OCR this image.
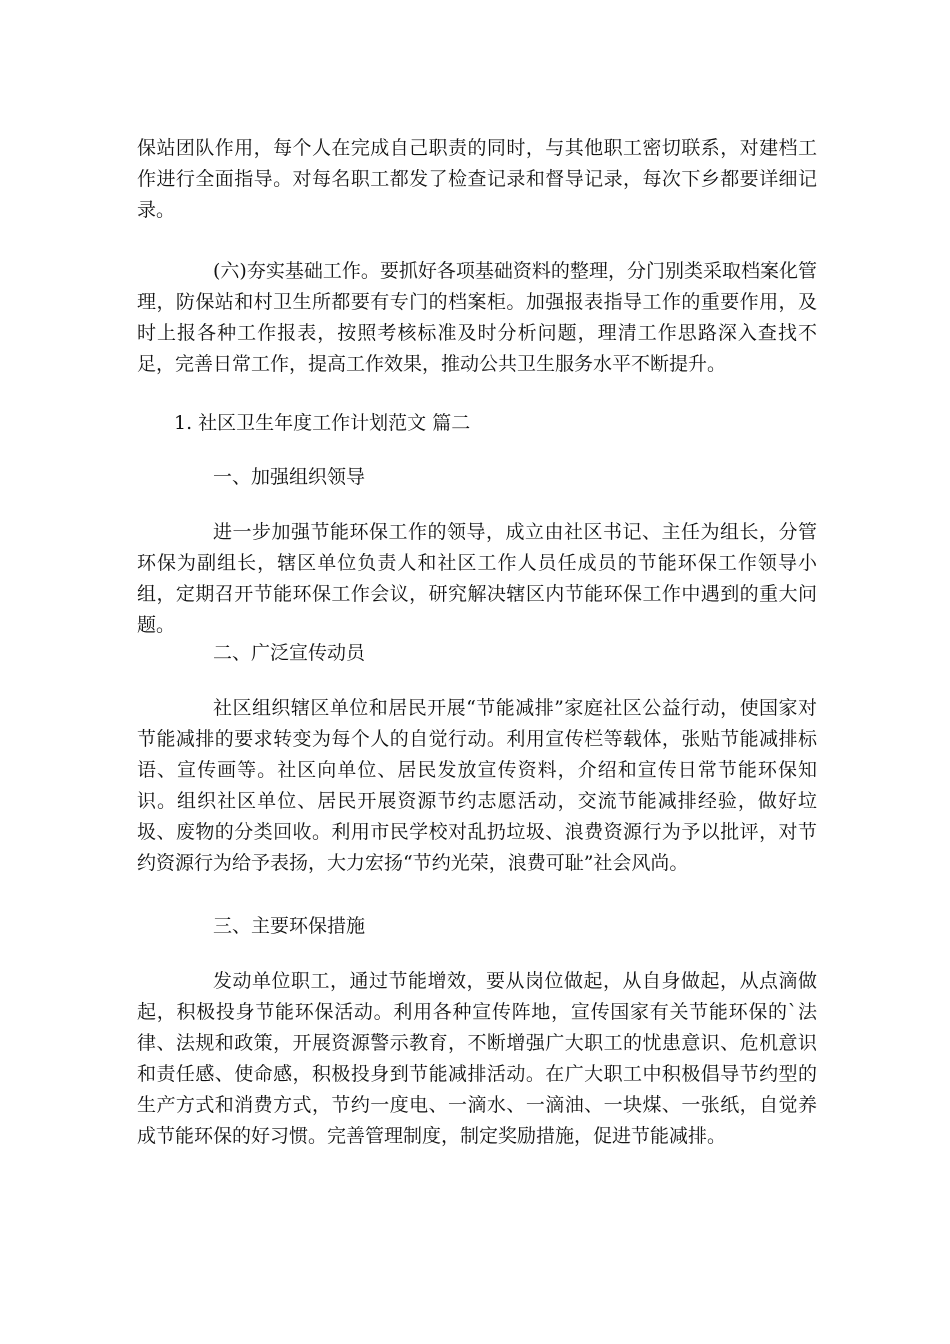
保站团队作用，每个人在完成自己职责的同时，与其他职工密切联系，对建档工作进行全面指导。对每名职工都发了检查记录和督导记录，每次下乡都要详细记录。

(六)夯实基础工作。要抓好各项基础资料的整理，分门别类采取档案化管理，防保站和村卫生所都要有专门的档案柜。加强报表指导工作的重要作用，及时上报各种工作报表，按照考核标准及时分析问题，理清工作思路深入查找不足，完善日常工作，提高工作效果，推动公共卫生服务水平不断提升。

1. 社区卫生年度工作计划范文 篇二

一、加强组织领导

进一步加强节能环保工作的领导，成立由社区书记、主任为组长，分管环保为副组长，辖区单位负责人和社区工作人员任成员的节能环保工作领导小组，定期召开节能环保工作会议，研究解决辖区内节能环保工作中遇到的重大问题。

二、广泛宣传动员

社区组织辖区单位和居民开展“节能减排”家庭社区公益行动，使国家对节能减排的要求转变为每个人的自觉行动。利用宣传栏等载体，张贴节能减排标语、宣传画等。社区向单位、居民发放宣传资料，介绍和宣传日常节能环保知识。组织社区单位、居民开展资源节约志愿活动，交流节能减排经验，做好垃圾、废物的分类回收。利用市民学校对乱扔垃圾、浪费资源行为予以批评，对节约资源行为给予表扬，大力宏扬“节约光荣，浪费可耻”社会风尚。

三、主要环保措施

发动单位职工，通过节能增效，要从岗位做起，从自身做起，从点滴做起，积极投身节能环保活动。利用各种宣传阵地，宣传国家有关节能环保的`法律、法规和政策，开展资源警示教育，不断增强广大职工的忧患意识、危机意识和责任感、使命感，积极投身到节能减排活动。在广大职工中积极倡导节约型的生产方式和消费方式，节约一度电、一滴水、一滴油、一块煤、一张纸，自觉养成节能环保的好习惯。完善管理制度，制定奖励措施，促进节能减排。
